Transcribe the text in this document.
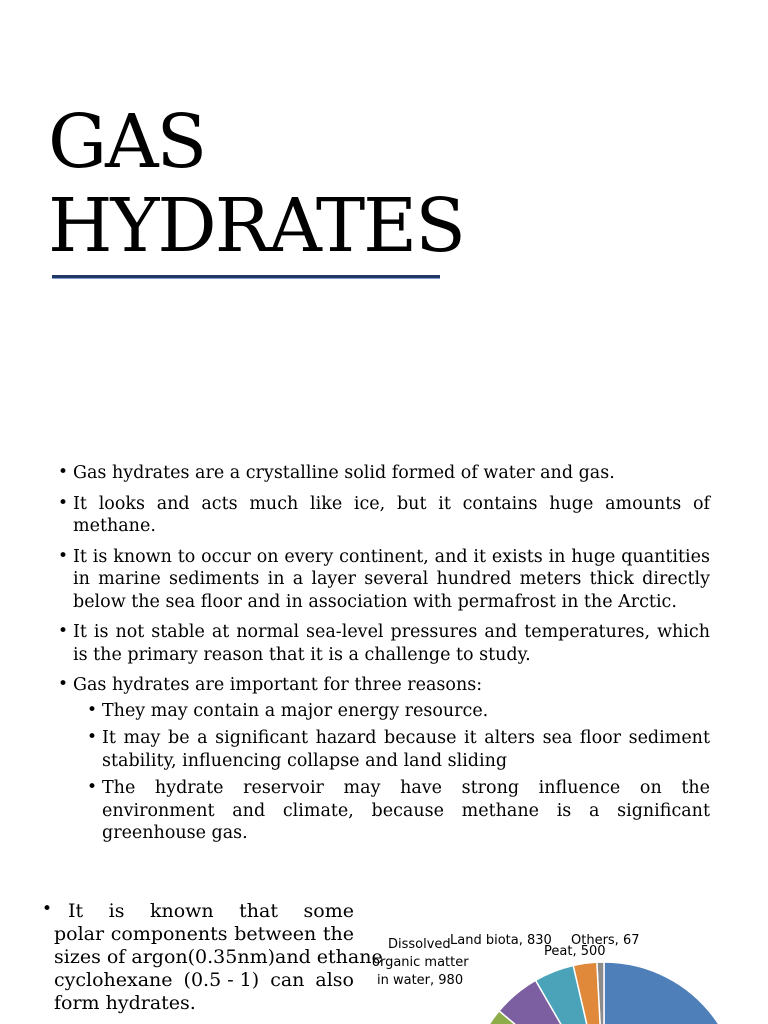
GAS HYDRATES
• Gas hydrates are a crystalline solid formed of water and gas.
• It looks and acts much like ice, but it contains huge amounts of methane.
• It is known to occur on every continent, and it exists in huge quantities in marine sediments in a layer several hundred meters thick directly below the sea floor and in association with permafrost in the Arctic.
• It is not stable at normal sea-level pressures and temperatures, which is the primary reason that it is a challenge to study.
• Gas hydrates are important for three reasons:
• They may contain a major energy resource.
• It may be a significant hazard because it alters sea floor sediment stability, influencing collapse and land sliding
• The hydrate reservoir may have strong influence on the environment and climate, because methane is a significant greenhouse gas.
• It is known that some
polar components between the
sizes of argon (0.35 nm) and ethane
cyclohexane (0.5 - 1) can also
form hydrates.
Dissolved
organic matter
in water, 980
Land biota, 830 Others, 67
Peat, 500
